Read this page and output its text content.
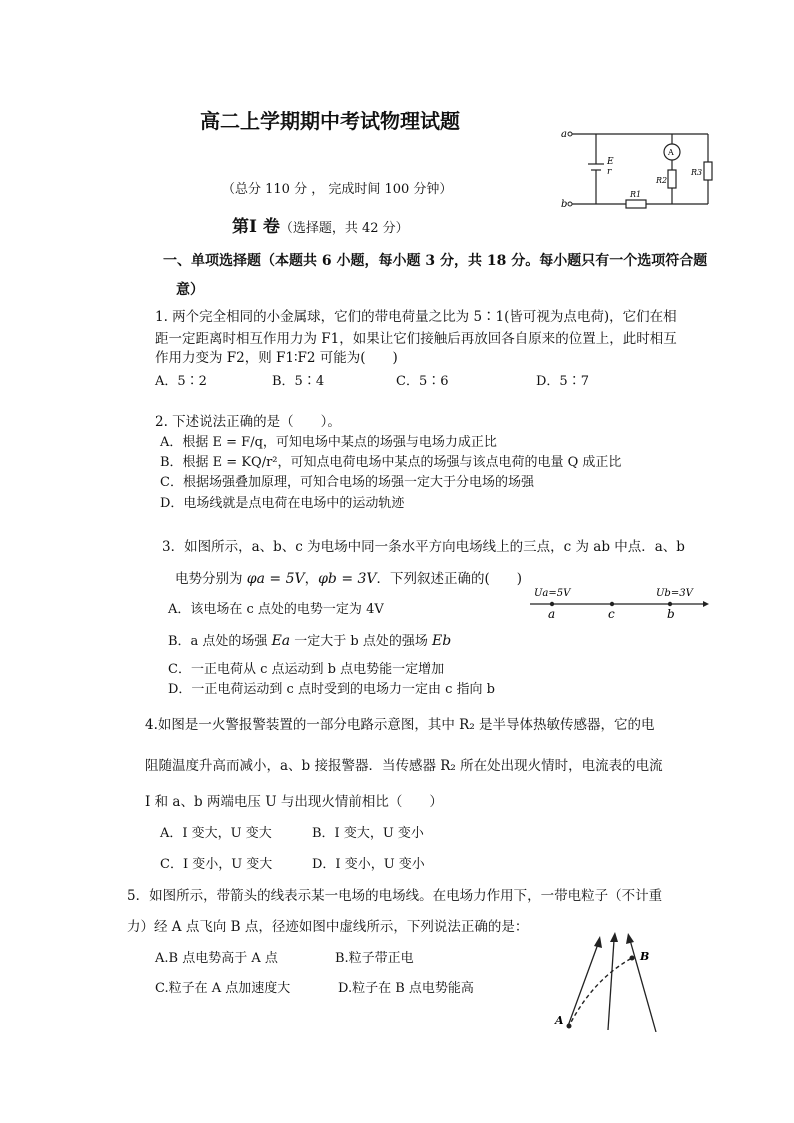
高二上学期期中考试物理试题
（总分 110 分 ， 完成时间 100 分钟）
第Ⅰ 卷（选择题，共 42 分）
a
b
E
r
A
R2
R3
R1
一、单项选择题（本题共 6 小题，每小题 3 分，共 18 分。每小题只有一个选项符合题
意）
1. 两个完全相同的小金属球，它们的带电荷量之比为 5∶1(皆可视为点电荷)，它们在相
距一定距离时相互作用力为 F1，如果让它们接触后再放回各自原来的位置上，此时相互
作用力变为 F2，则 F1∶F2 可能为(　　)
A．5∶2	B．5∶4	C．5∶6	D．5∶7
2. 下述说法正确的是（　　）。
A．根据 E = F/q，可知电场中某点的场强与电场力成正比
B．根据 E = KQ/r²，可知点电荷电场中某点的场强与该点电荷的电量 Q 成正比
C．根据场强叠加原理，可知合电场的场强一定大于分电场的场强
D．电场线就是点电荷在电场中的运动轨迹
3．如图所示，a、b、c 为电场中同一条水平方向电场线上的三点，c 为 ab 中点．a、b
电势分别为 φa = 5V，φb = 3V．下列叙述正确的(　　)
A．该电场在 c 点处的电势一定为 4V
B．a 点处的场强 Ea 一定大于 b 点处的强场 Eb
C．一正电荷从 c 点运动到 b 点电势能一定增加
D．一正电荷运动到 c 点时受到的电场力一定由 c 指向 b
Ua=5V	Ub=3V
a	c	b
4.如图是一火警报警装置的一部分电路示意图，其中 R₂ 是半导体热敏传感器，它的电
阻随温度升高而减小，a、b 接报警器．当传感器 R₂ 所在处出现火情时，电流表的电流
I 和 a、b 两端电压 U 与出现火情前相比（　　）
A．I 变大，U 变大	B．I 变大，U 变小
C．I 变小，U 变大	D．I 变小，U 变小
5．如图所示，带箭头的线表示某一电场的电场线。在电场力作用下，一带电粒子（不计重
力）经 A 点飞向 B 点，径迹如图中虚线所示，下列说法正确的是：
A.B 点电势高于 A 点	B.粒子带正电
C.粒子在 A 点加速度大	D.粒子在 B 点电势能高
A
B
